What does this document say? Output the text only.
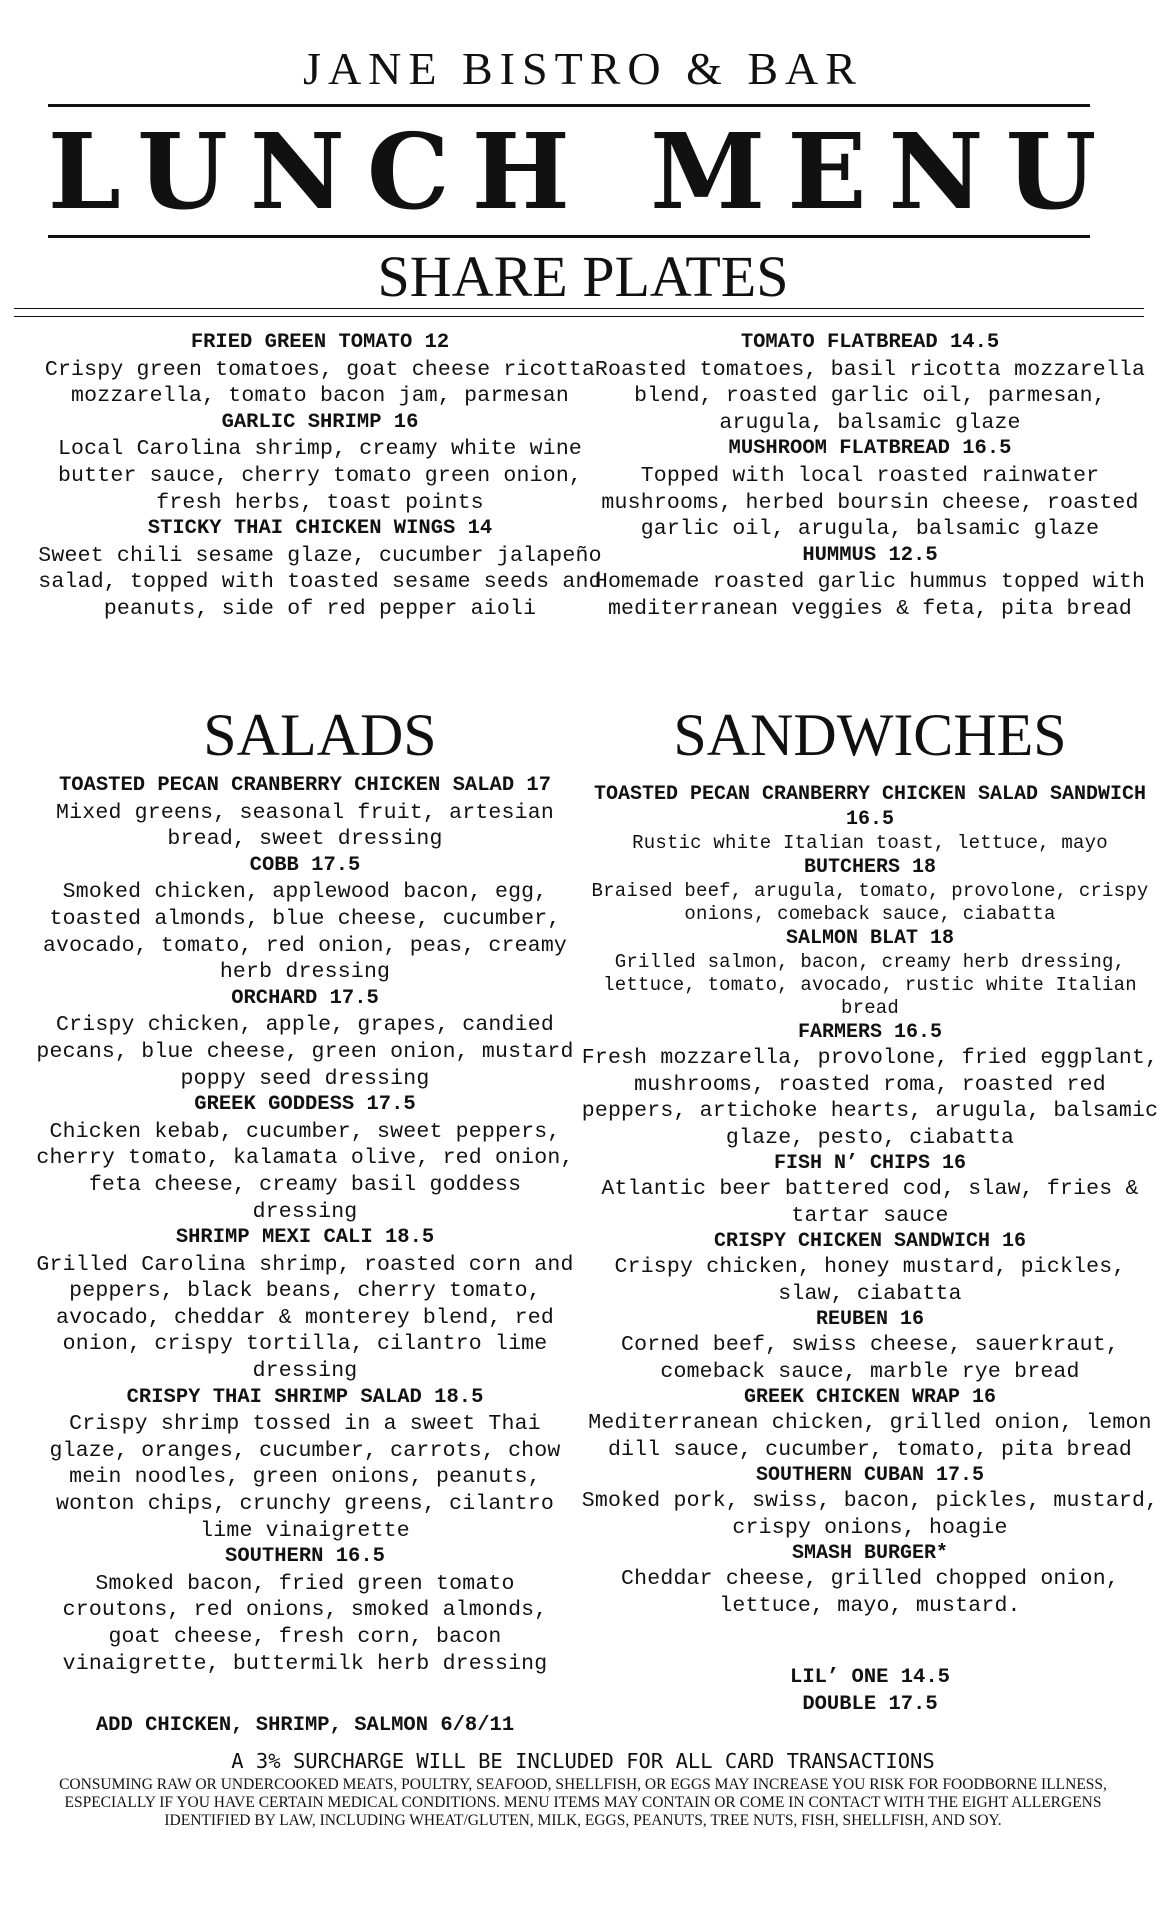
JANE BISTRO & BAR
LUNCH MENU
SHARE PLATES
FRIED GREEN TOMATO 12
Crispy green tomatoes, goat cheese ricotta mozzarella, tomato bacon jam, parmesan
GARLIC SHRIMP 16
Local Carolina shrimp, creamy white wine butter sauce, cherry tomato green onion, fresh herbs, toast points
STICKY THAI CHICKEN WINGS 14
Sweet chili sesame glaze, cucumber jalapeño salad, topped with toasted sesame seeds and peanuts, side of red pepper aioli
TOMATO FLATBREAD 14.5
Roasted tomatoes, basil ricotta mozzarella blend, roasted garlic oil, parmesan, arugula, balsamic glaze
MUSHROOM FLATBREAD 16.5
Topped with local roasted rainwater mushrooms, herbed boursin cheese, roasted garlic oil, arugula, balsamic glaze
HUMMUS 12.5
Homemade roasted garlic hummus topped with mediterranean veggies & feta, pita bread
SALADS	SANDWICHES
TOASTED PECAN CRANBERRY CHICKEN SALAD 17
Mixed greens, seasonal fruit, artesian bread, sweet dressing
COBB 17.5
Smoked chicken, applewood bacon, egg, toasted almonds, blue cheese, cucumber, avocado, tomato, red onion, peas, creamy herb dressing
ORCHARD 17.5
Crispy chicken, apple, grapes, candied pecans, blue cheese, green onion, mustard poppy seed dressing
GREEK GODDESS 17.5
Chicken kebab, cucumber, sweet peppers, cherry tomato, kalamata olive, red onion, feta cheese, creamy basil goddess dressing
SHRIMP MEXI CALI 18.5
Grilled Carolina shrimp, roasted corn and peppers, black beans, cherry tomato, avocado, cheddar & monterey blend, red onion, crispy tortilla, cilantro lime dressing
CRISPY THAI SHRIMP SALAD 18.5
Crispy shrimp tossed in a sweet Thai glaze, oranges, cucumber, carrots, chow mein noodles, green onions, peanuts, wonton chips, crunchy greens, cilantro lime vinaigrette
SOUTHERN 16.5
Smoked bacon, fried green tomato croutons, red onions, smoked almonds, goat cheese, fresh corn, bacon vinaigrette, buttermilk herb dressing
ADD CHICKEN, SHRIMP, SALMON 6/8/11
TOASTED PECAN CRANBERRY CHICKEN SALAD SANDWICH 16.5
Rustic white Italian toast, lettuce, mayo
BUTCHERS 18
Braised beef, arugula, tomato, provolone, crispy onions, comeback sauce, ciabatta
SALMON BLAT 18
Grilled salmon, bacon, creamy herb dressing, lettuce, tomato, avocado, rustic white Italian bread
FARMERS 16.5
Fresh mozzarella, provolone, fried eggplant, mushrooms, roasted roma, roasted red peppers, artichoke hearts, arugula, balsamic glaze, pesto, ciabatta
FISH N’ CHIPS 16
Atlantic beer battered cod, slaw, fries & tartar sauce
CRISPY CHICKEN SANDWICH 16
Crispy chicken, honey mustard, pickles, slaw, ciabatta
REUBEN 16
Corned beef, swiss cheese, sauerkraut, comeback sauce, marble rye bread
GREEK CHICKEN WRAP 16
Mediterranean chicken, grilled onion, lemon dill sauce, cucumber, tomato, pita bread
SOUTHERN CUBAN 17.5
Smoked pork, swiss, bacon, pickles, mustard, crispy onions, hoagie
SMASH BURGER*
Cheddar cheese, grilled chopped onion, lettuce, mayo, mustard.
LIL’ ONE 14.5
DOUBLE 17.5
A 3% SURCHARGE WILL BE INCLUDED FOR ALL CARD TRANSACTIONS
CONSUMING RAW OR UNDERCOOKED MEATS, POULTRY, SEAFOOD, SHELLFISH, OR EGGS MAY INCREASE YOU RISK FOR FOODBORNE ILLNESS, ESPECIALLY IF YOU HAVE CERTAIN MEDICAL CONDITIONS. MENU ITEMS MAY CONTAIN OR COME IN CONTACT WITH THE EIGHT ALLERGENS IDENTIFIED BY LAW, INCLUDING WHEAT/GLUTEN, MILK, EGGS, PEANUTS, TREE NUTS, FISH, SHELLFISH, AND SOY.
